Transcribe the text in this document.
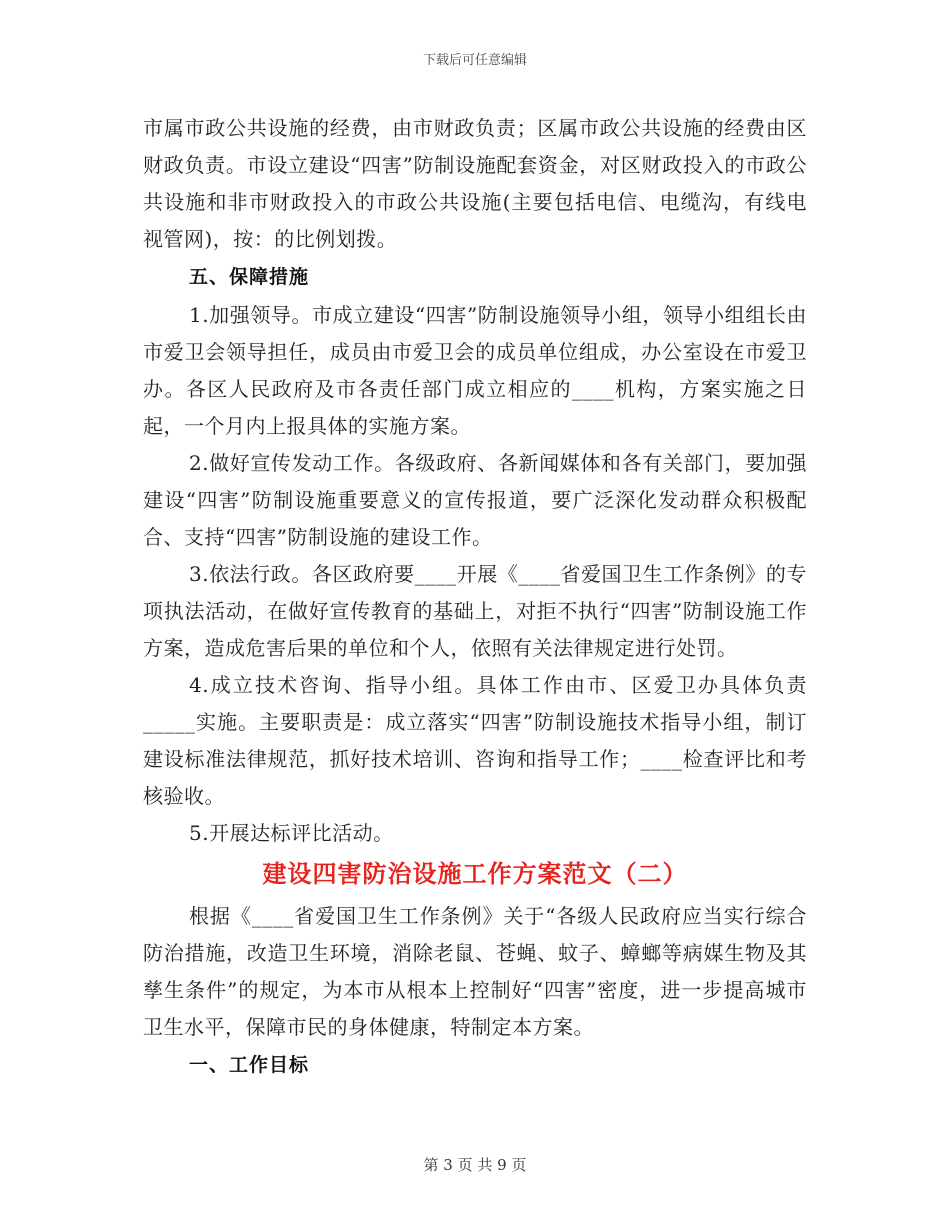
下载后可任意编辑

市属市政公共设施的经费，由市财政负责；区属市政公共设施的经费由区财政负责。市设立建设“四害”防制设施配套资金，对区财政投入的市政公共设施和非市财政投入的市政公共设施(主要包括电信、电缆沟，有线电视管网)，按：的比例划拨。

五、保障措施

1.加强领导。市成立建设“四害”防制设施领导小组，领导小组组长由市爱卫会领导担任，成员由市爱卫会的成员单位组成，办公室设在市爱卫办。各区人民政府及市各责任部门成立相应的____机构，方案实施之日起，一个月内上报具体的实施方案。

2.做好宣传发动工作。各级政府、各新闻媒体和各有关部门，要加强建设“四害”防制设施重要意义的宣传报道，要广泛深化发动群众积极配合、支持“四害”防制设施的建设工作。

3.依法行政。各区政府要____开展《____省爱国卫生工作条例》的专项执法活动，在做好宣传教育的基础上，对拒不执行“四害”防制设施工作方案，造成危害后果的单位和个人，依照有关法律规定进行处罚。

4.成立技术咨询、指导小组。具体工作由市、区爱卫办具体负责_____实施。主要职责是：成立落实“四害”防制设施技术指导小组，制订建设标准法律规范，抓好技术培训、咨询和指导工作；____检查评比和考核验收。

5.开展达标评比活动。

建设四害防治设施工作方案范文（二）

根据《____省爱国卫生工作条例》关于“各级人民政府应当实行综合防治措施，改造卫生环境，消除老鼠、苍蝇、蚊子、蟑螂等病媒生物及其孳生条件”的规定，为本市从根本上控制好“四害”密度，进一步提高城市卫生水平，保障市民的身体健康，特制定本方案。

一、工作目标
第 3 页 共 9 页
